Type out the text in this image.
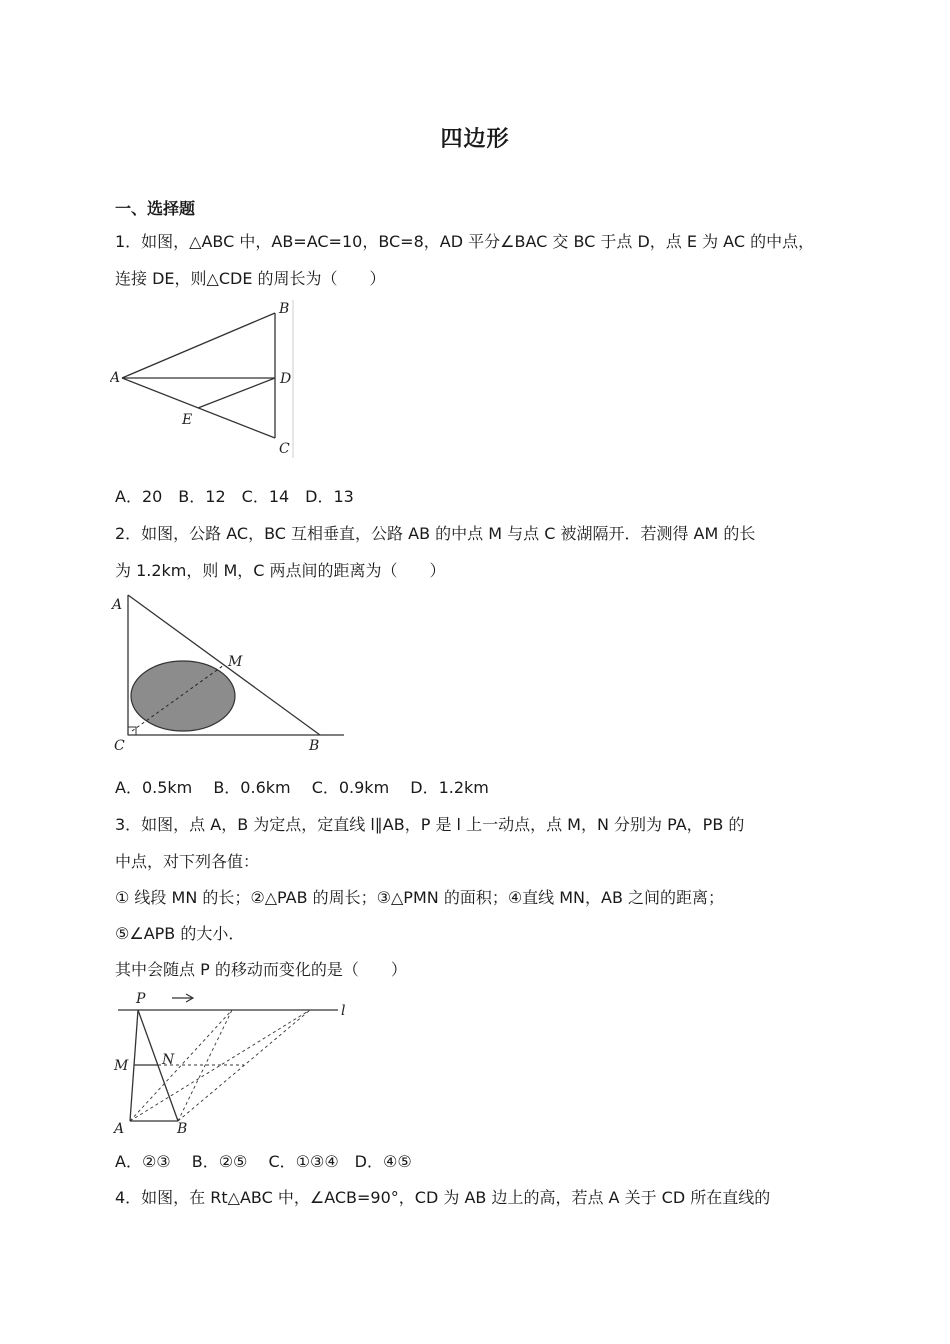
四边形
一、选择题
1．如图，△ABC 中，AB=AC=10，BC=8，AD 平分∠BAC 交 BC 于点 D，点 E 为 AC 的中点，
连接 DE，则△CDE 的周长为（　　）
A
B
C
D
E
A．20　B．12　C．14　D．13
2．如图，公路 AC，BC 互相垂直，公路 AB 的中点 M 与点 C 被湖隔开．若测得 AM 的长
为 1.2km，则 M，C 两点间的距离为（　　）
A
C	B
M
A．0.5km　 B．0.6km　 C．0.9km　 D．1.2km
3．如图，点 A，B 为定点，定直线 l∥AB，P 是 l 上一动点，点 M，N 分别为 PA，PB 的
中点，对下列各值：
① 线段 MN 的长；②△PAB 的周长；③△PMN 的面积；④直线 MN，AB 之间的距离；
⑤∠APB 的大小．
其中会随点 P 的移动而变化的是（　　）
P
M N
A	B
l
A．②③　 B．②⑤　 C．①③④　D．④⑤
4．如图，在 Rt△ABC 中，∠ACB=90°，CD 为 AB 边上的高，若点 A 关于 CD 所在直线的
